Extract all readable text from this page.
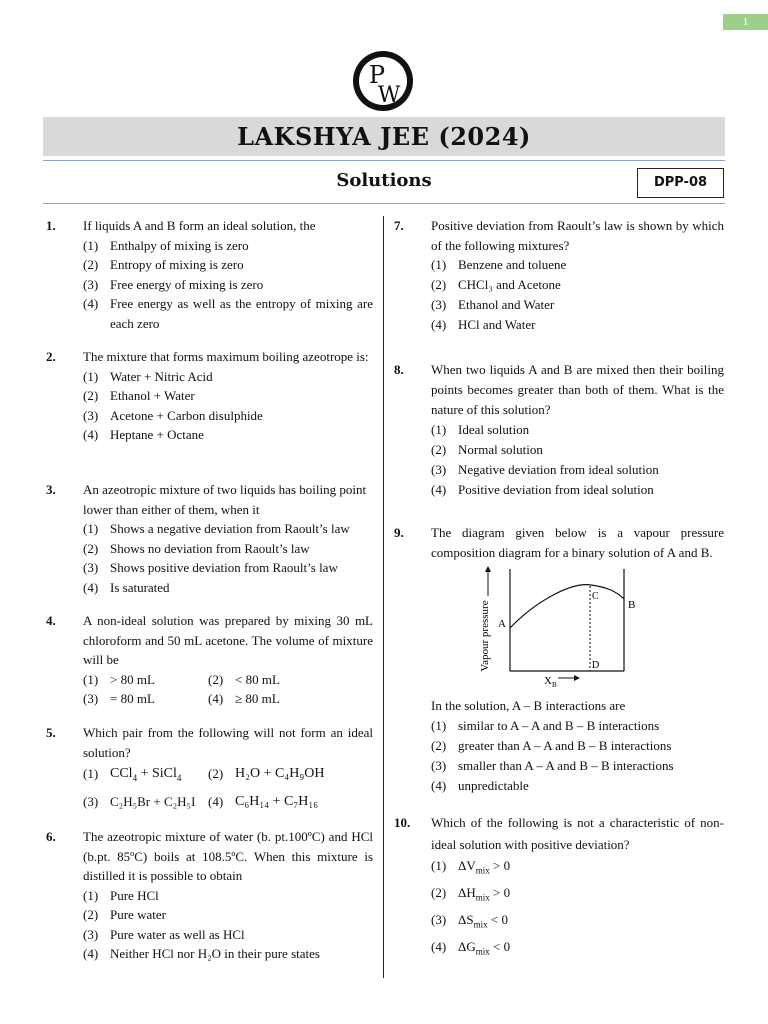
1
P
W
LAKSHYA JEE (2024)
Solutions	DPP-08
1. If liquids A and B form an ideal solution, the
(1) Enthalpy of mixing is zero
(2) Entropy of mixing is zero
(3) Free energy of mixing is zero
(4) Free energy as well as the entropy of mixing are each zero
2. The mixture that forms maximum boiling azeotrope is:
(1) Water + Nitric Acid
(2) Ethanol + Water
(3) Acetone + Carbon disulphide
(4) Heptane + Octane
3. An azeotropic mixture of two liquids has boiling point lower than either of them, when it
(1) Shows a negative deviation from Raoult’s law
(2) Shows no deviation from Raoult’s law
(3) Shows positive deviation from Raoult’s law
(4) Is saturated
4. A non-ideal solution was prepared by mixing 30 mL chloroform and 50 mL acetone. The volume of mixture will be
(1) > 80 mL	(2) < 80 mL
(3) = 80 mL	(4) ≥ 80 mL
5. Which pair from the following will not form an ideal solution?
(1) CCl$_4$ + SiCl$_4$ (2) H₂O + C₄H₉OH
(3) C₂H₅Br + C₂H₅I (4) C₆H₁₄ + C₇H₁₆
6. The azeotropic mixture of water (b. pt.100ºC) and HCl (b.pt. 85ºC) boils at 108.5ºC. When this mixture is distilled it is possible to obtain
(1) Pure HCl
(2) Pure water
(3) Pure water as well as HCl
(4) Neither HCl nor H₂O in their pure states
7. Positive deviation from Raoult’s law is shown by which of the following mixtures?
(1) Benzene and toluene
(2) CHCl₃ and Acetone
(3) Ethanol and Water
(4) HCl and Water
8. When two liquids A and B are mixed then their boiling points becomes greater than both of them. What is the nature of this solution?
(1) Ideal solution
(2) Normal solution
(3) Negative deviation from ideal solution
(4) Positive deviation from ideal solution
9. The diagram given below is a vapour pressure composition diagram for a binary solution of A and B.
Vapour pressure A
B
C
D
$X_B$
In the solution, A – B interactions are
(1) similar to A – A and B – B interactions
(2) greater than A – A and B – B interactions
(3) smaller than A – A and B – B interactions
(4) unpredictable
10. Which of the following is not a characteristic of non-ideal solution with positive deviation?
(1) $\Delta V_{mix} > 0$
(2) $\Delta H_{mix} > 0$
(3) $\Delta S_{mix} < 0$
(4) $\Delta G_{mix} < 0$
